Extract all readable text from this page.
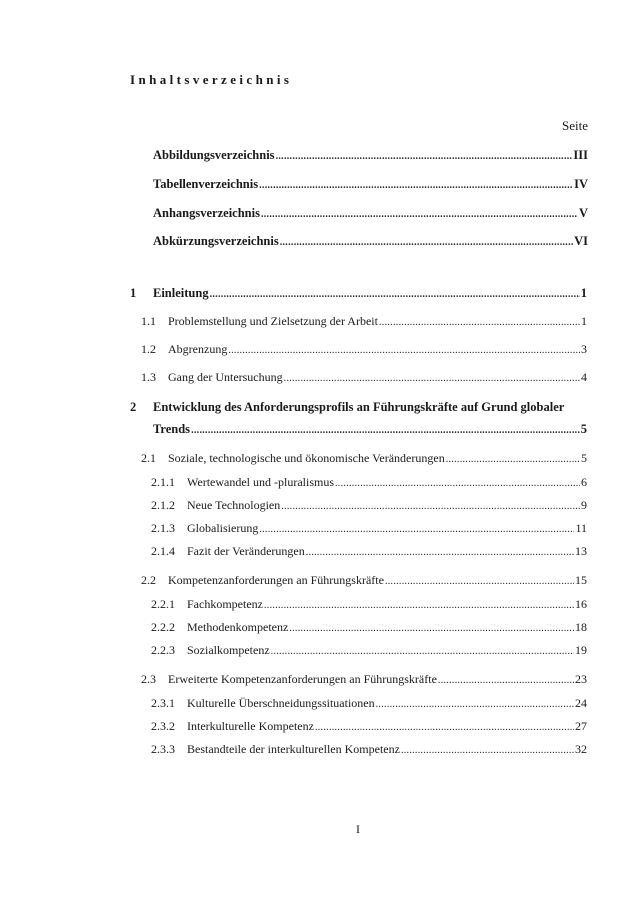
Inhaltsverzeichnis
Seite
Abbildungsverzeichnis .....	III
Tabellenverzeichnis .....	IV
Anhangsverzeichnis .....	V
Abkürzungsverzeichnis .....	VI
1 Einleitung .....	1
1.1 Problemstellung und Zielsetzung der Arbeit .....	1
1.2 Abgrenzung .....	3
1.3 Gang der Untersuchung .....	4
2 Entwicklung des Anforderungsprofils an Führungskräfte auf Grund globaler
Trends .....	5
2.1 Soziale, technologische und ökonomische Veränderungen .....	5
2.1.1 Wertewandel und -pluralismus .....	6
2.1.2 Neue Technologien .....	9
2.1.3 Globalisierung .....	11
2.1.4 Fazit der Veränderungen .....	13
2.2 Kompetenzanforderungen an Führungskräfte .....	15
2.2.1 Fachkompetenz .....	16
2.2.2 Methodenkompetenz .....	18
2.2.3 Sozialkompetenz .....	19
2.3 Erweiterte Kompetenzanforderungen an Führungskräfte .....	23
2.3.1 Kulturelle Überschneidungssituationen .....	24
2.3.2 Interkulturelle Kompetenz .....	27
2.3.3 Bestandteile der interkulturellen Kompetenz .....	32
I
